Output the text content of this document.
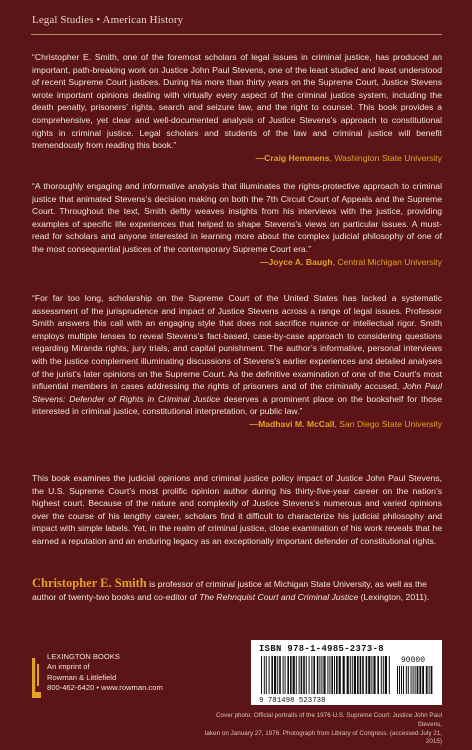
Legal Studies • American History
“Christopher E. Smith, one of the foremost scholars of legal issues in criminal justice, has produced an important, path-breaking work on Justice John Paul Stevens, one of the least studied and least understood of recent Supreme Court justices. During his more than thirty years on the Supreme Court, Justice Stevens wrote important opinions dealing with virtually every aspect of the criminal justice system, including the death penalty, prisoners’ rights, search and seizure law, and the right to counsel. This book provides a comprehensive, yet clear and well-documented analysis of Justice Stevens’s approach to constitutional rights in criminal justice. Legal scholars and students of the law and criminal justice will benefit tremendously from reading this book.”
—Craig Hemmens, Washington State University
“A thoroughly engaging and informative analysis that illuminates the rights-protective approach to criminal justice that animated Stevens’s decision making on both the 7th Circuit Court of Appeals and the Supreme Court. Throughout the text, Smith deftly weaves insights from his interviews with the justice, providing examples of specific life experiences that helped to shape Stevens’s views on particular issues. A must-read for scholars and anyone interested in learning more about the complex judicial philosophy of one of the most consequential justices of the contemporary Supreme Court era.”
—Joyce A. Baugh, Central Michigan University
“For far too long, scholarship on the Supreme Court of the United States has lacked a systematic assessment of the jurisprudence and impact of Justice Stevens across a range of legal issues. Professor Smith answers this call with an engaging style that does not sacrifice nuance or intellectual rigor. Smith employs multiple lenses to reveal Stevens’s fact-based, case-by-case approach to considering questions regarding Miranda rights, jury trials, and capital punishment. The author’s informative, personal interviews with the justice complement illuminating discussions of Stevens’s earlier experiences and detailed analyses of the jurist’s later opinions on the Supreme Court. As the definitive examination of one of the Court’s most influential members in cases addressing the rights of prisoners and of the criminally accused, John Paul Stevens: Defender of Rights in Criminal Justice deserves a prominent place on the bookshelf for those interested in criminal justice, constitutional interpretation, or public law.”
—Madhavi M. McCall, San Diego State University
This book examines the judicial opinions and criminal justice policy impact of Justice John Paul Stevens, the U.S. Supreme Court’s most prolific opinion author during his thirty-five-year career on the nation’s highest court. Because of the nature and complexity of Justice Stevens’s numerous and varied opinions over the course of his lengthy career, scholars find it difficult to characterize his judicial philosophy and impact with simple labels. Yet, in the realm of criminal justice, close examination of his work reveals that he earned a reputation and an enduring legacy as an exceptionally important defender of constitutional rights.
Christopher E. Smith is professor of criminal justice at Michigan State University, as well as the author of twenty-two books and co-editor of The Rehnquist Court and Criminal Justice (Lexington, 2011).
LEXINGTON BOOKS
An imprint of
Rowman & Littlefield
800-462-6420 • www.rowman.com
9 781498 523738
90000
ISBN 978-1-4985-2373-8
Cover photo: Official portraits of the 1976 U.S. Supreme Court: Justice John Paul Stevens,
taken on January 27, 1976. Photograph from Library of Congress. (accessed July 21, 2015)
